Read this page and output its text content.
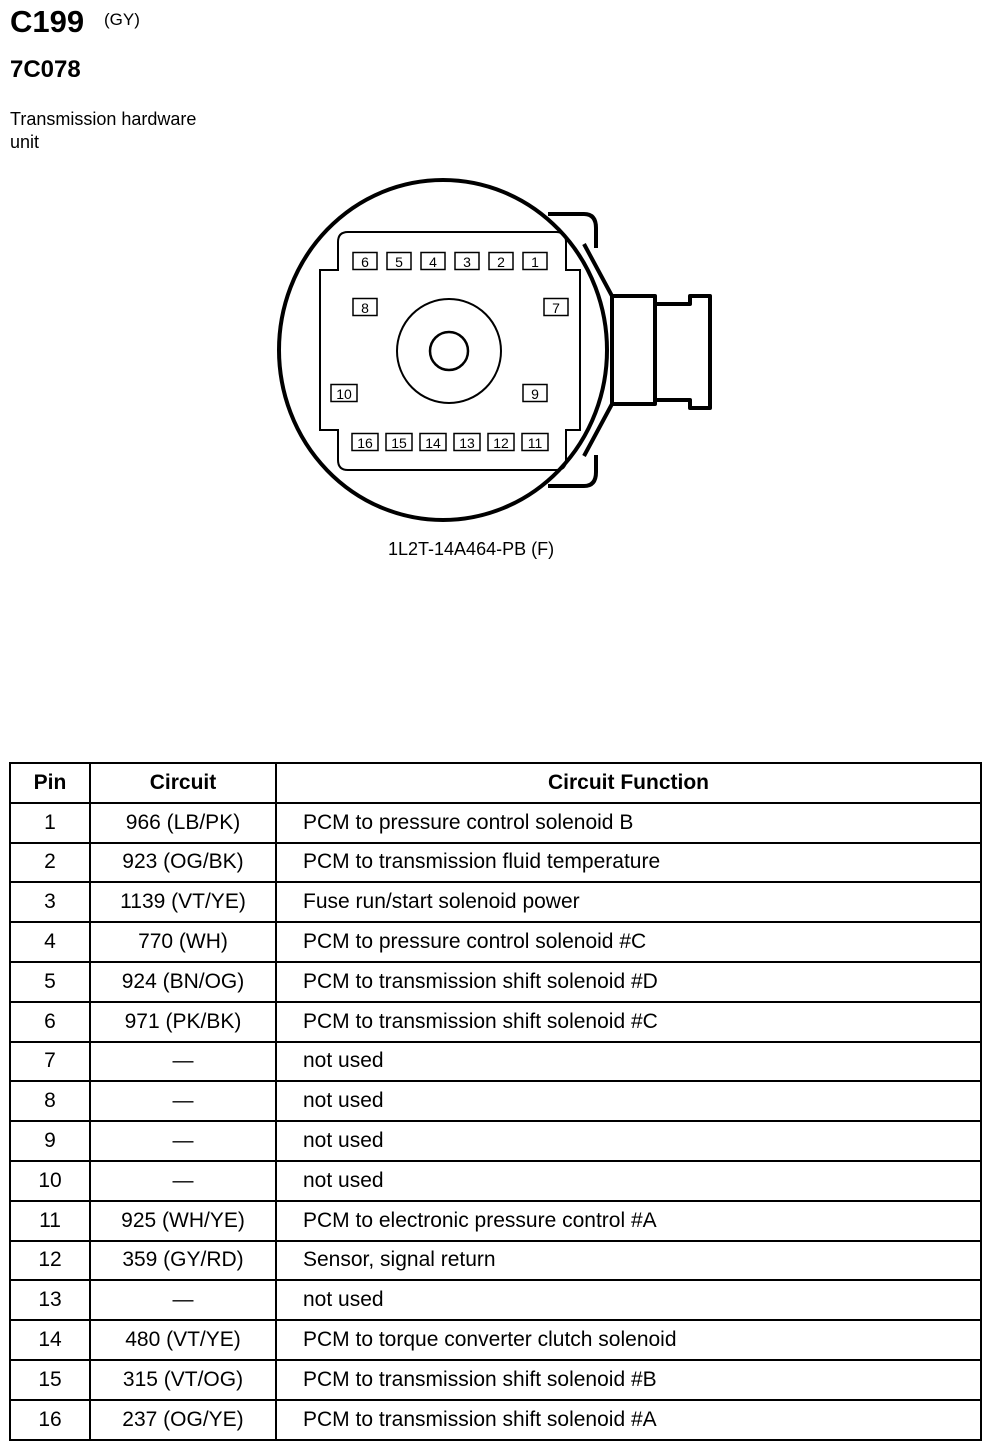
C199 (GY)
7C078
Transmission hardware unit
1
2
3
4
5
6
7
8
9
10
11
12
13
14
15
16
1L2T-14A464-PB (F)
Pin	Circuit	Circuit Function
1	966 (LB/PK)	PCM to pressure control solenoid B
2	923 (OG/BK)	PCM to transmission fluid temperature
3	1139 (VT/YE)	Fuse run/start solenoid power
4	770 (WH)	PCM to pressure control solenoid #C
5	924 (BN/OG)	PCM to transmission shift solenoid #D
6	971 (PK/BK)	PCM to transmission shift solenoid #C
7	—	not used
8	—	not used
9	—	not used
10	—	not used
11	925 (WH/YE)	PCM to electronic pressure control #A
12	359 (GY/RD)	Sensor, signal return
13	—	not used
14	480 (VT/YE)	PCM to torque converter clutch solenoid
15	315 (VT/OG)	PCM to transmission shift solenoid #B
16	237 (OG/YE)	PCM to transmission shift solenoid #A
